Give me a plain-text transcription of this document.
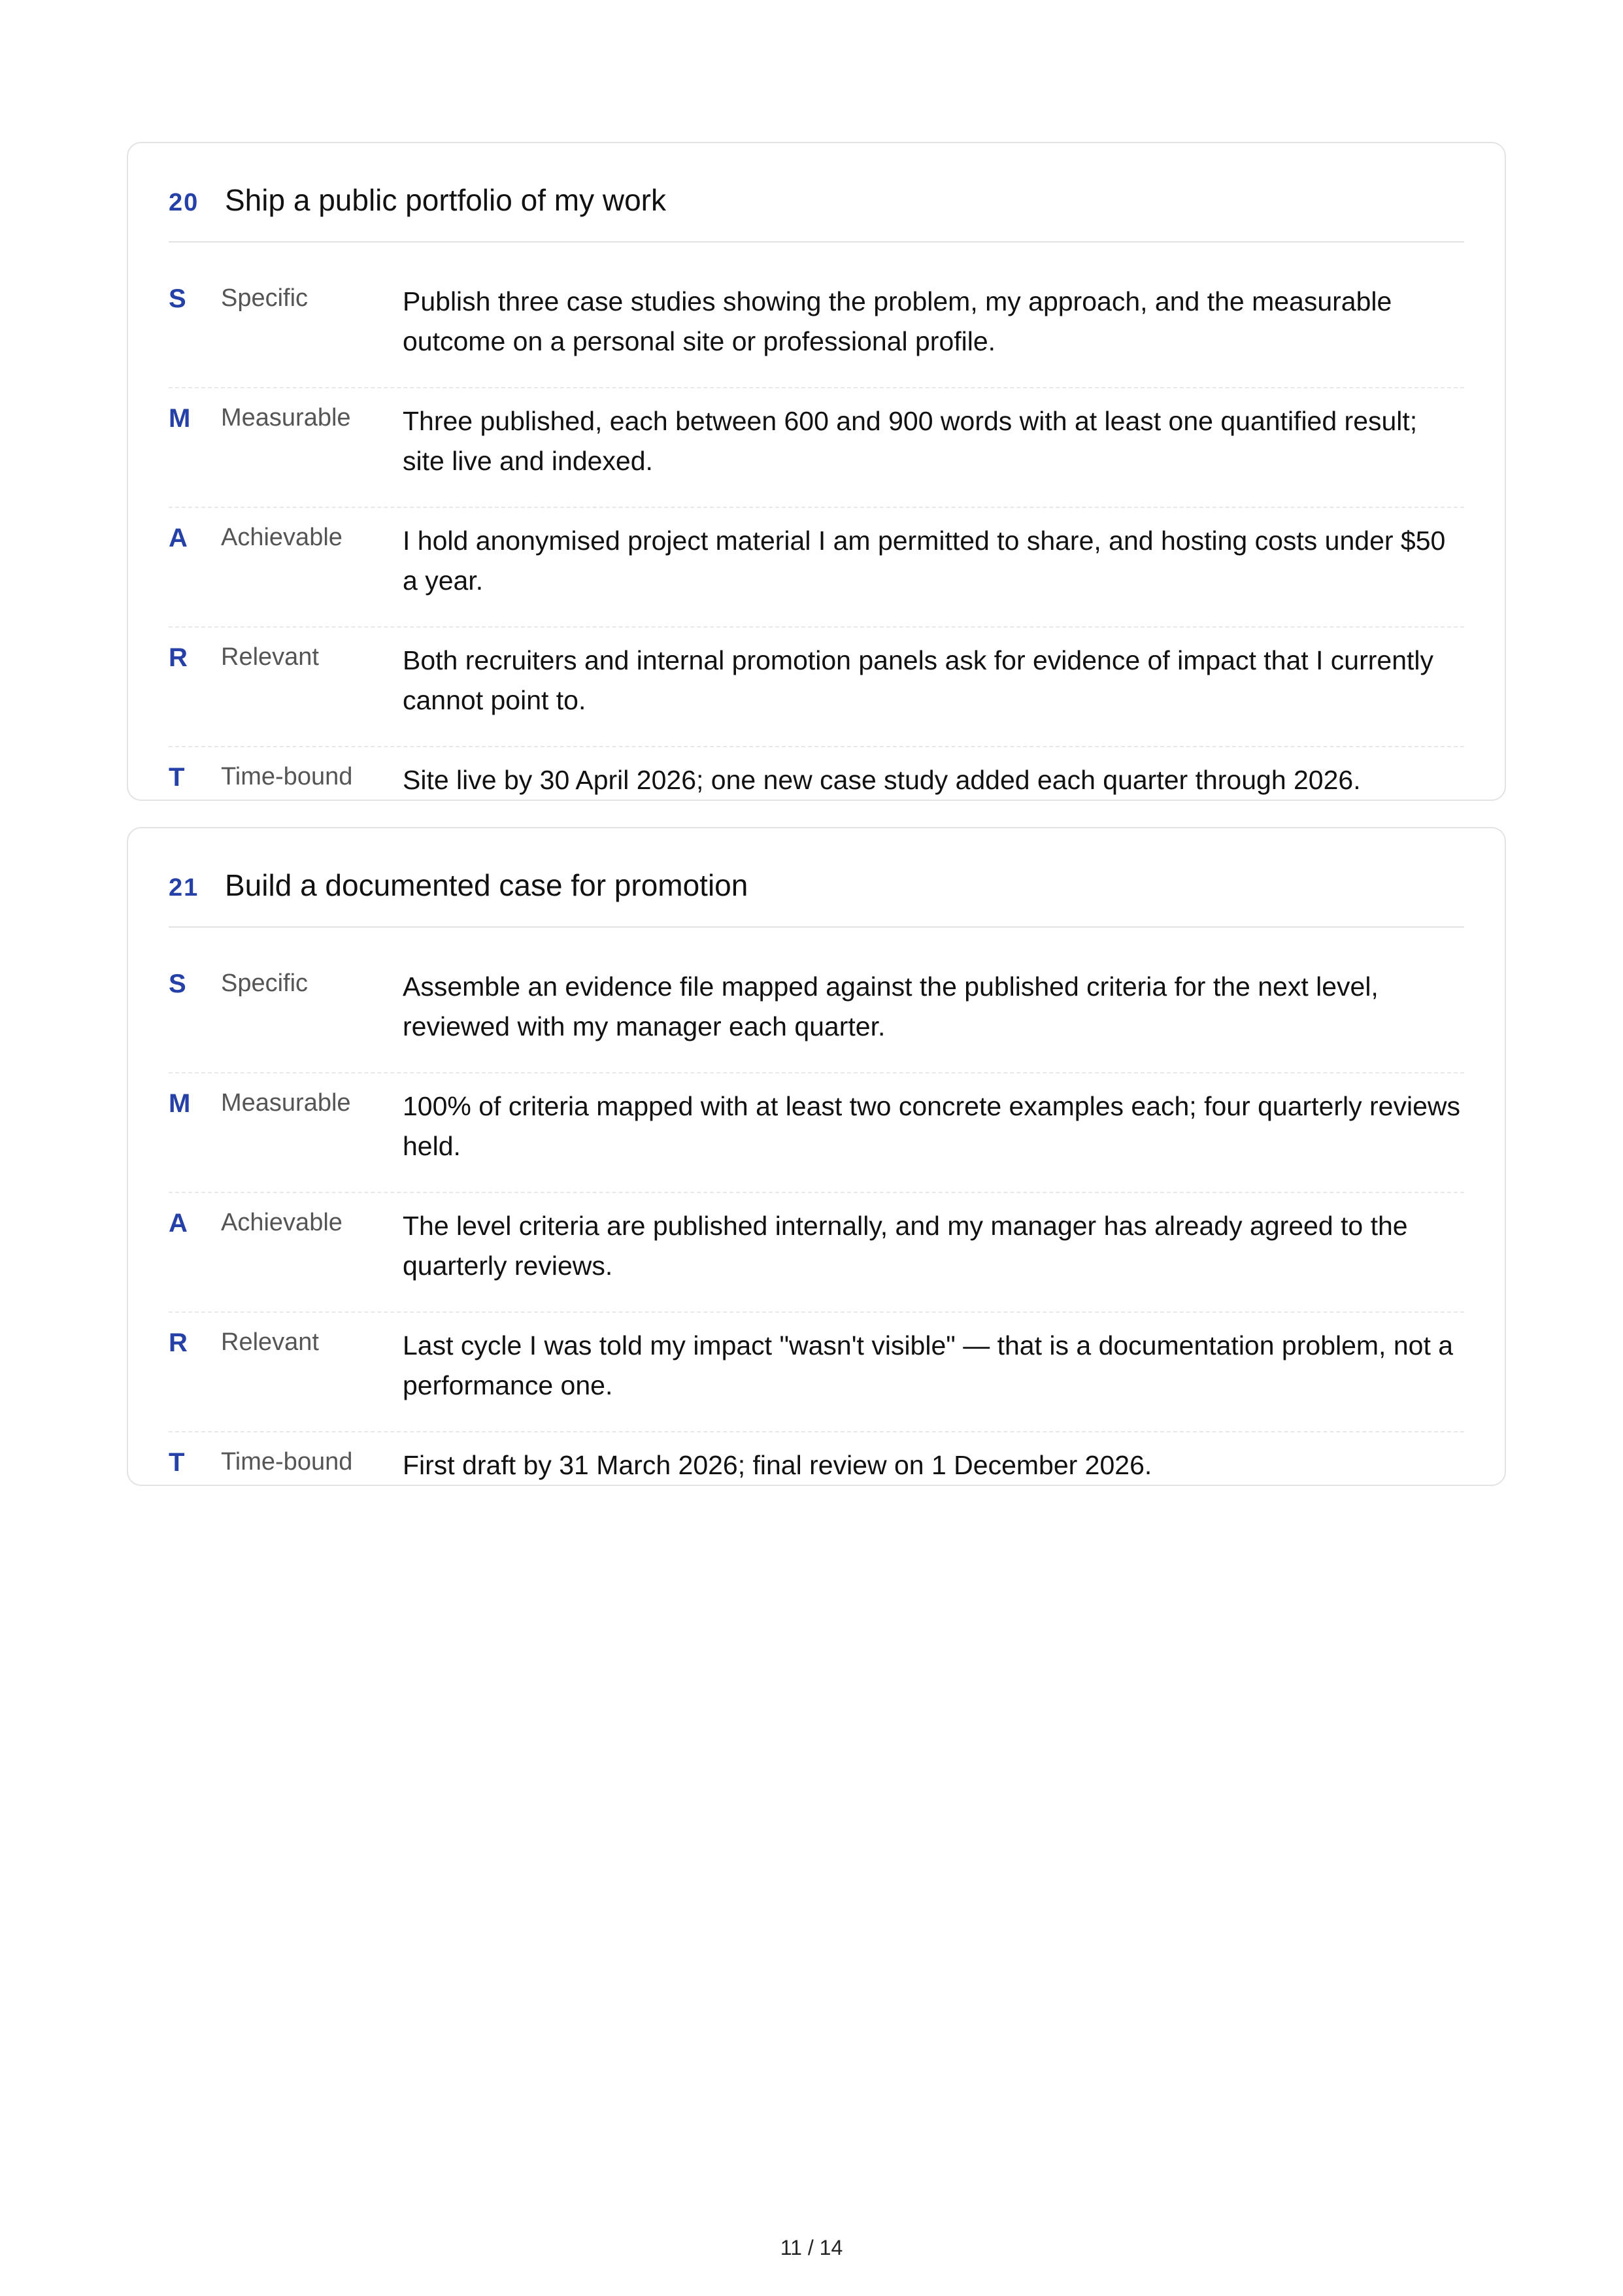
20 Ship a public portfolio of my work
S	Specific	Publish three case studies showing the problem, my approach, and the measurable outcome on a personal site or professional profile.
M	Measurable	Three published, each between 600 and 900 words with at least one quantified result; site live and indexed.
A	Achievable	I hold anonymised project material I am permitted to share, and hosting costs under $50 a year.
R	Relevant	Both recruiters and internal promotion panels ask for evidence of impact that I currently cannot point to.
T	Time-bound	Site live by 30 April 2026; one new case study added each quarter through 2026.
21 Build a documented case for promotion
S	Specific	Assemble an evidence file mapped against the published criteria for the next level, reviewed with my manager each quarter.
M	Measurable	100% of criteria mapped with at least two concrete examples each; four quarterly reviews held.
A	Achievable	The level criteria are published internally, and my manager has already agreed to the quarterly reviews.
R	Relevant	Last cycle I was told my impact "wasn't visible" — that is a documentation problem, not a performance one.
T	Time-bound	First draft by 31 March 2026; final review on 1 December 2026.
11 / 14
